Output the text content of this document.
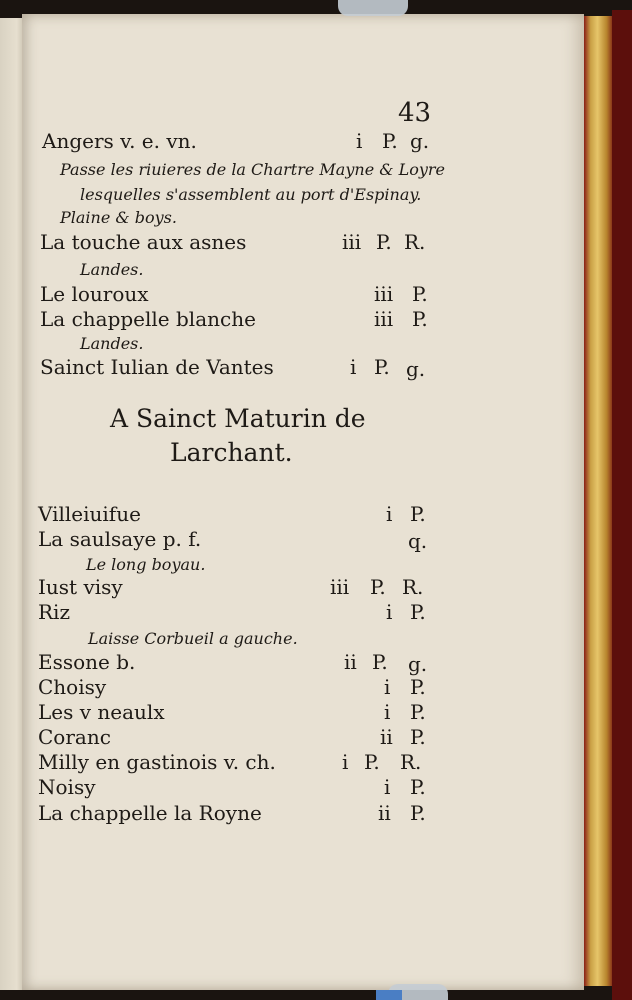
43
Angers v. e. vn.	i P. g.
Passe les riuieres de la Chartre Mayne & Loyre
lesquelles s'assemblent au port d'Espinay.
Plaine & boys.
La touche aux asnes	iii P. R.
Landes.
Le louroux	iii P.
La chappelle blanche	iii P.
Landes.
Sainct Iulian de Vantes	i P. g.
A Sainct Maturin de
Larchant.
Villeiuifue	i P.
La saulsaye p. f.	q.
Le long boyau.
Iust visy	iii P. R.
Riz	i P.
Laisse Corbueil a gauche.
Essone b.	ii P. g.
Choisy	i P.
Les v neaulx	i P.
Coranc	ii P.
Milly en gastinois v. ch.	i P. R.
Noisy	i P.
La chappelle la Royne	ii P.
